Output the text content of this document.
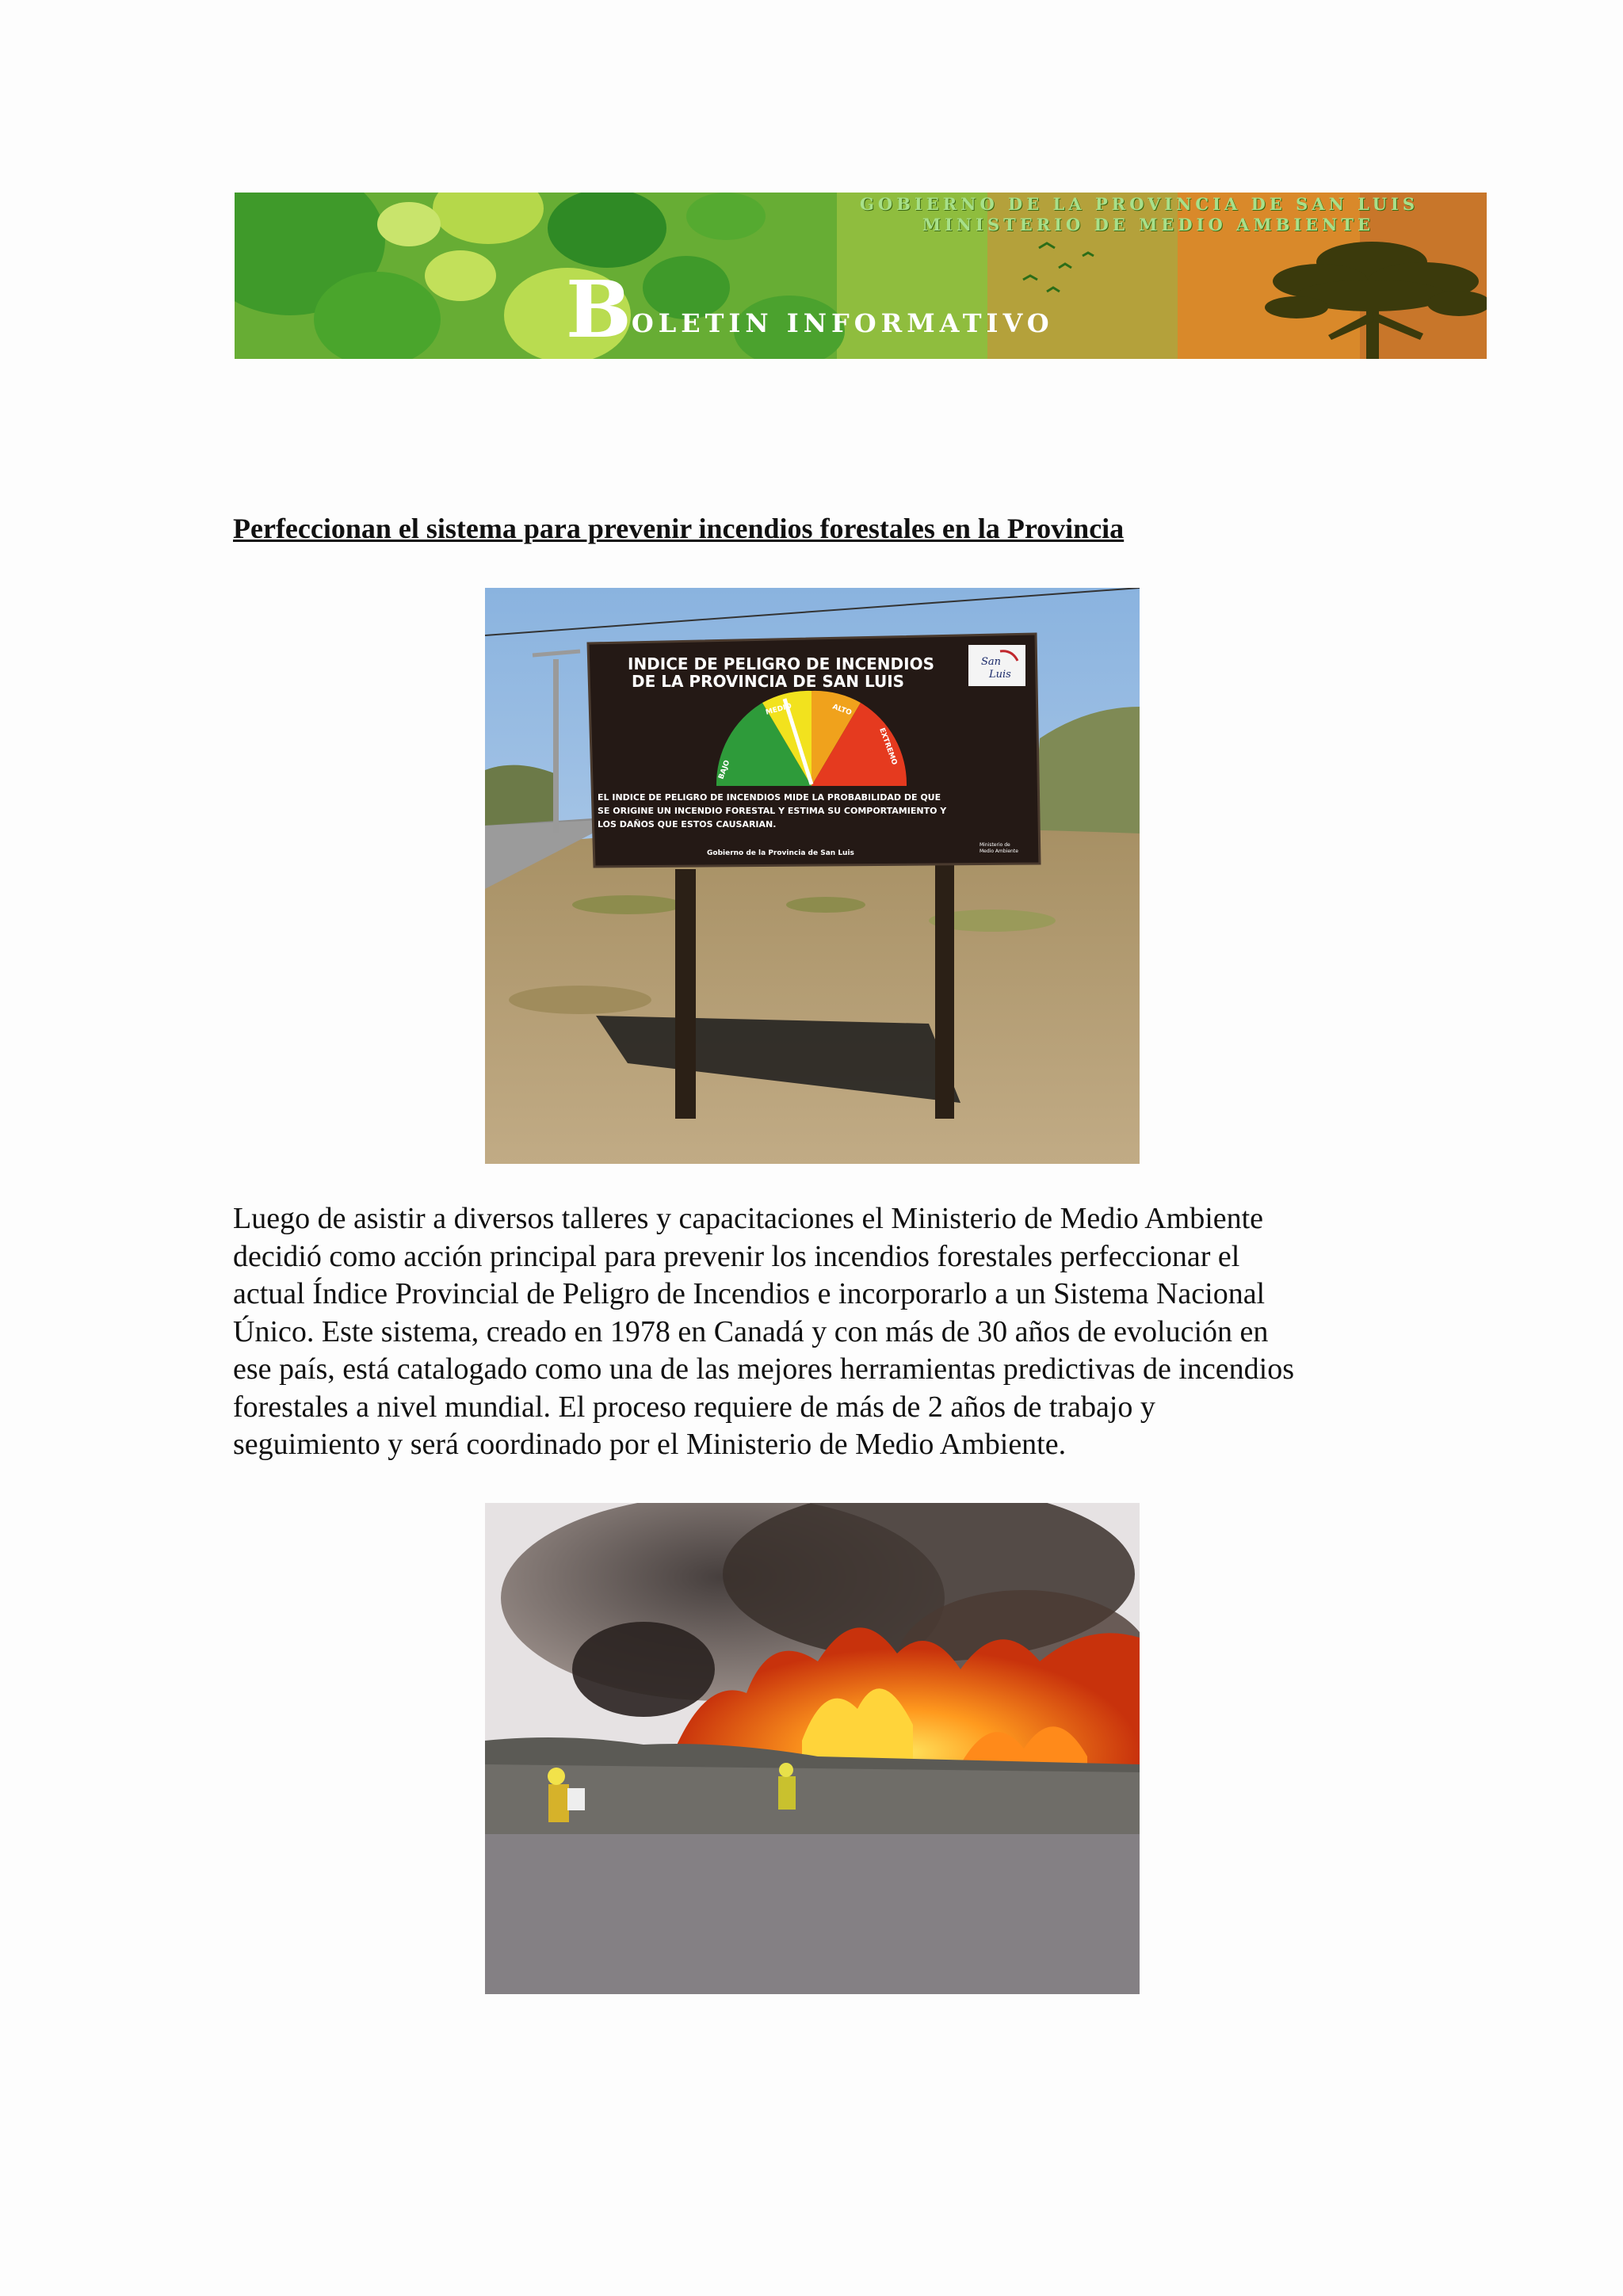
GOBIERNO DE LA PROVINCIA DE SAN LUIS
MINISTERIO DE MEDIO AMBIENTE
BOLETIN INFORMATIVO
Perfeccionan el sistema para prevenir incendios forestales en la Provincia
INDICE DE PELIGRO DE INCENDIOS DE LA PROVINCIA DE SAN LUIS
BAJO
MEDIO	ALTO
EXTREMO
EL INDICE DE PELIGRO DE INCENDIOS MIDE LA PROBABILIDAD DE QUE SE ORIGINE UN INCENDIO FORESTAL Y ESTIMA SU COMPORTAMIENTO Y LOS DAÑOS QUE ESTOS CAUSARIAN.
Gobierno de la Provincia de San Luis
Ministerio de Medio Ambiente
San Luis

Luego de asistir a diversos talleres y capacitaciones el Ministerio de Medio Ambiente
decidió como acción principal para prevenir los incendios forestales perfeccionar el
actual Índice Provincial de Peligro de Incendios e incorporarlo a un Sistema Nacional
Único. Este sistema, creado en 1978 en Canadá y con más de 30 años de evolución en
ese país, está catalogado como una de las mejores herramientas predictivas de incendios
forestales a nivel mundial. El proceso requiere de más de 2 años de trabajo y
seguimiento y será coordinado por el Ministerio de Medio Ambiente.
